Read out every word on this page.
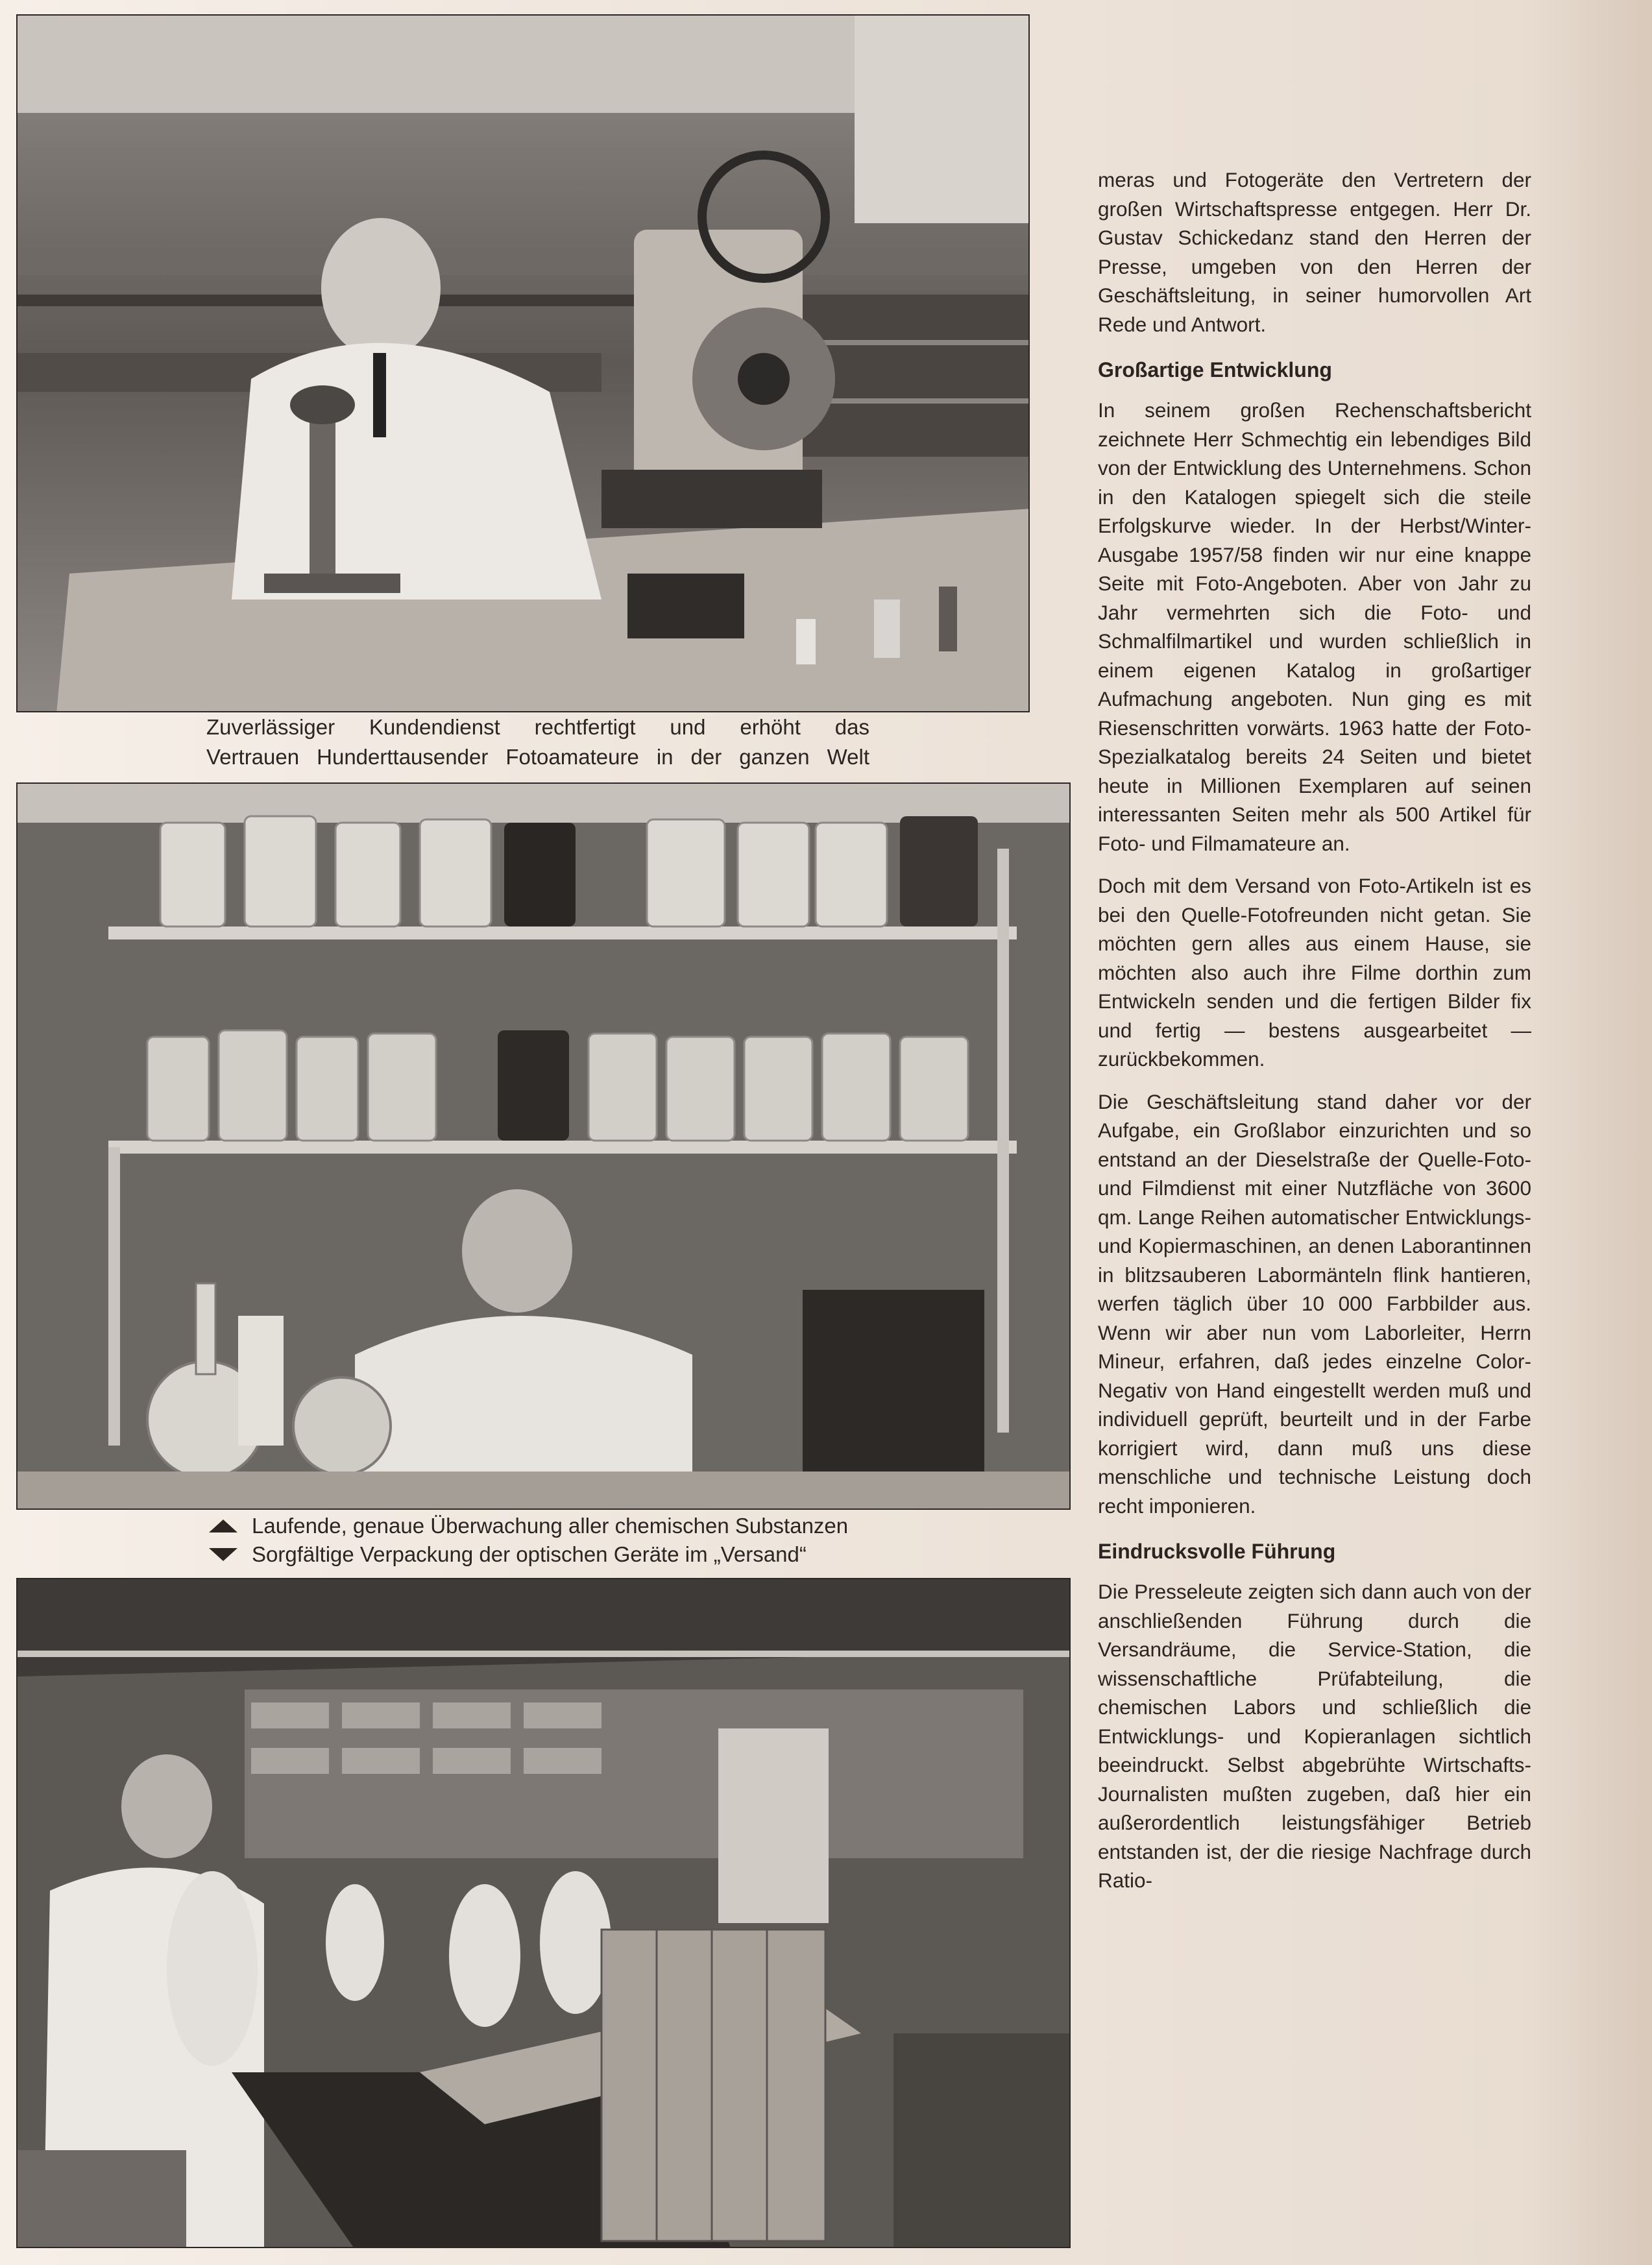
Zuverlässiger Kundendienst rechtfertigt und erhöht das
Vertrauen Hunderttausender Fotoamateure in der ganzen Welt
Laufende, genaue Überwachung aller chemischen Substanzen
Sorgfältige Verpackung der optischen Geräte im „Versand“

meras und Fotogeräte den Vertretern der großen Wirtschaftspresse entgegen. Herr Dr. Gustav Schickedanz stand den Herren der Presse, umgeben von den Herren der Geschäftsleitung, in seiner humorvollen Art Rede und Antwort.

Großartige Entwicklung

In seinem großen Rechenschaftsbericht zeichnete Herr Schmechtig ein lebendiges Bild von der Entwicklung des Unternehmens. Schon in den Katalogen spiegelt sich die steile Erfolgskurve wieder. In der Herbst/Winter-Ausgabe 1957/58 finden wir nur eine knappe Seite mit Foto-Angeboten. Aber von Jahr zu Jahr vermehrten sich die Foto- und Schmalfilmartikel und wurden schließlich in einem eigenen Katalog in großartiger Aufmachung angeboten. Nun ging es mit Riesenschritten vorwärts. 1963 hatte der Foto-Spezialkatalog bereits 24 Seiten und bietet heute in Millionen Exemplaren auf seinen interessanten Seiten mehr als 500 Artikel für Foto- und Filmamateure an.

Doch mit dem Versand von Foto-Artikeln ist es bei den Quelle-Fotofreunden nicht getan. Sie möchten gern alles aus einem Hause, sie möchten also auch ihre Filme dorthin zum Entwickeln senden und die fertigen Bilder fix und fertig — bestens ausgearbeitet — zurückbekommen.

Die Geschäftsleitung stand daher vor der Aufgabe, ein Großlabor einzurichten und so entstand an der Dieselstraße der Quelle-Foto- und Filmdienst mit einer Nutzfläche von 3600 qm. Lange Reihen automatischer Entwicklungs- und Kopiermaschinen, an denen Laborantinnen in blitzsauberen Labormänteln flink hantieren, werfen täglich über 10 000 Farbbilder aus. Wenn wir aber nun vom Laborleiter, Herrn Mineur, erfahren, daß jedes einzelne Color-Negativ von Hand eingestellt werden muß und individuell geprüft, beurteilt und in der Farbe korrigiert wird, dann muß uns diese menschliche und technische Leistung doch recht imponieren.

Eindrucksvolle Führung

Die Presseleute zeigten sich dann auch von der anschließenden Führung durch die Versandräume, die Service-Station, die wissenschaftliche Prüfabteilung, die chemischen Labors und schließlich die Entwicklungs- und Kopieranlagen sichtlich beeindruckt. Selbst abgebrühte Wirtschafts-Journalisten mußten zugeben, daß hier ein außerordentlich leistungsfähiger Betrieb entstanden ist, der die riesige Nachfrage durch Ratio-
